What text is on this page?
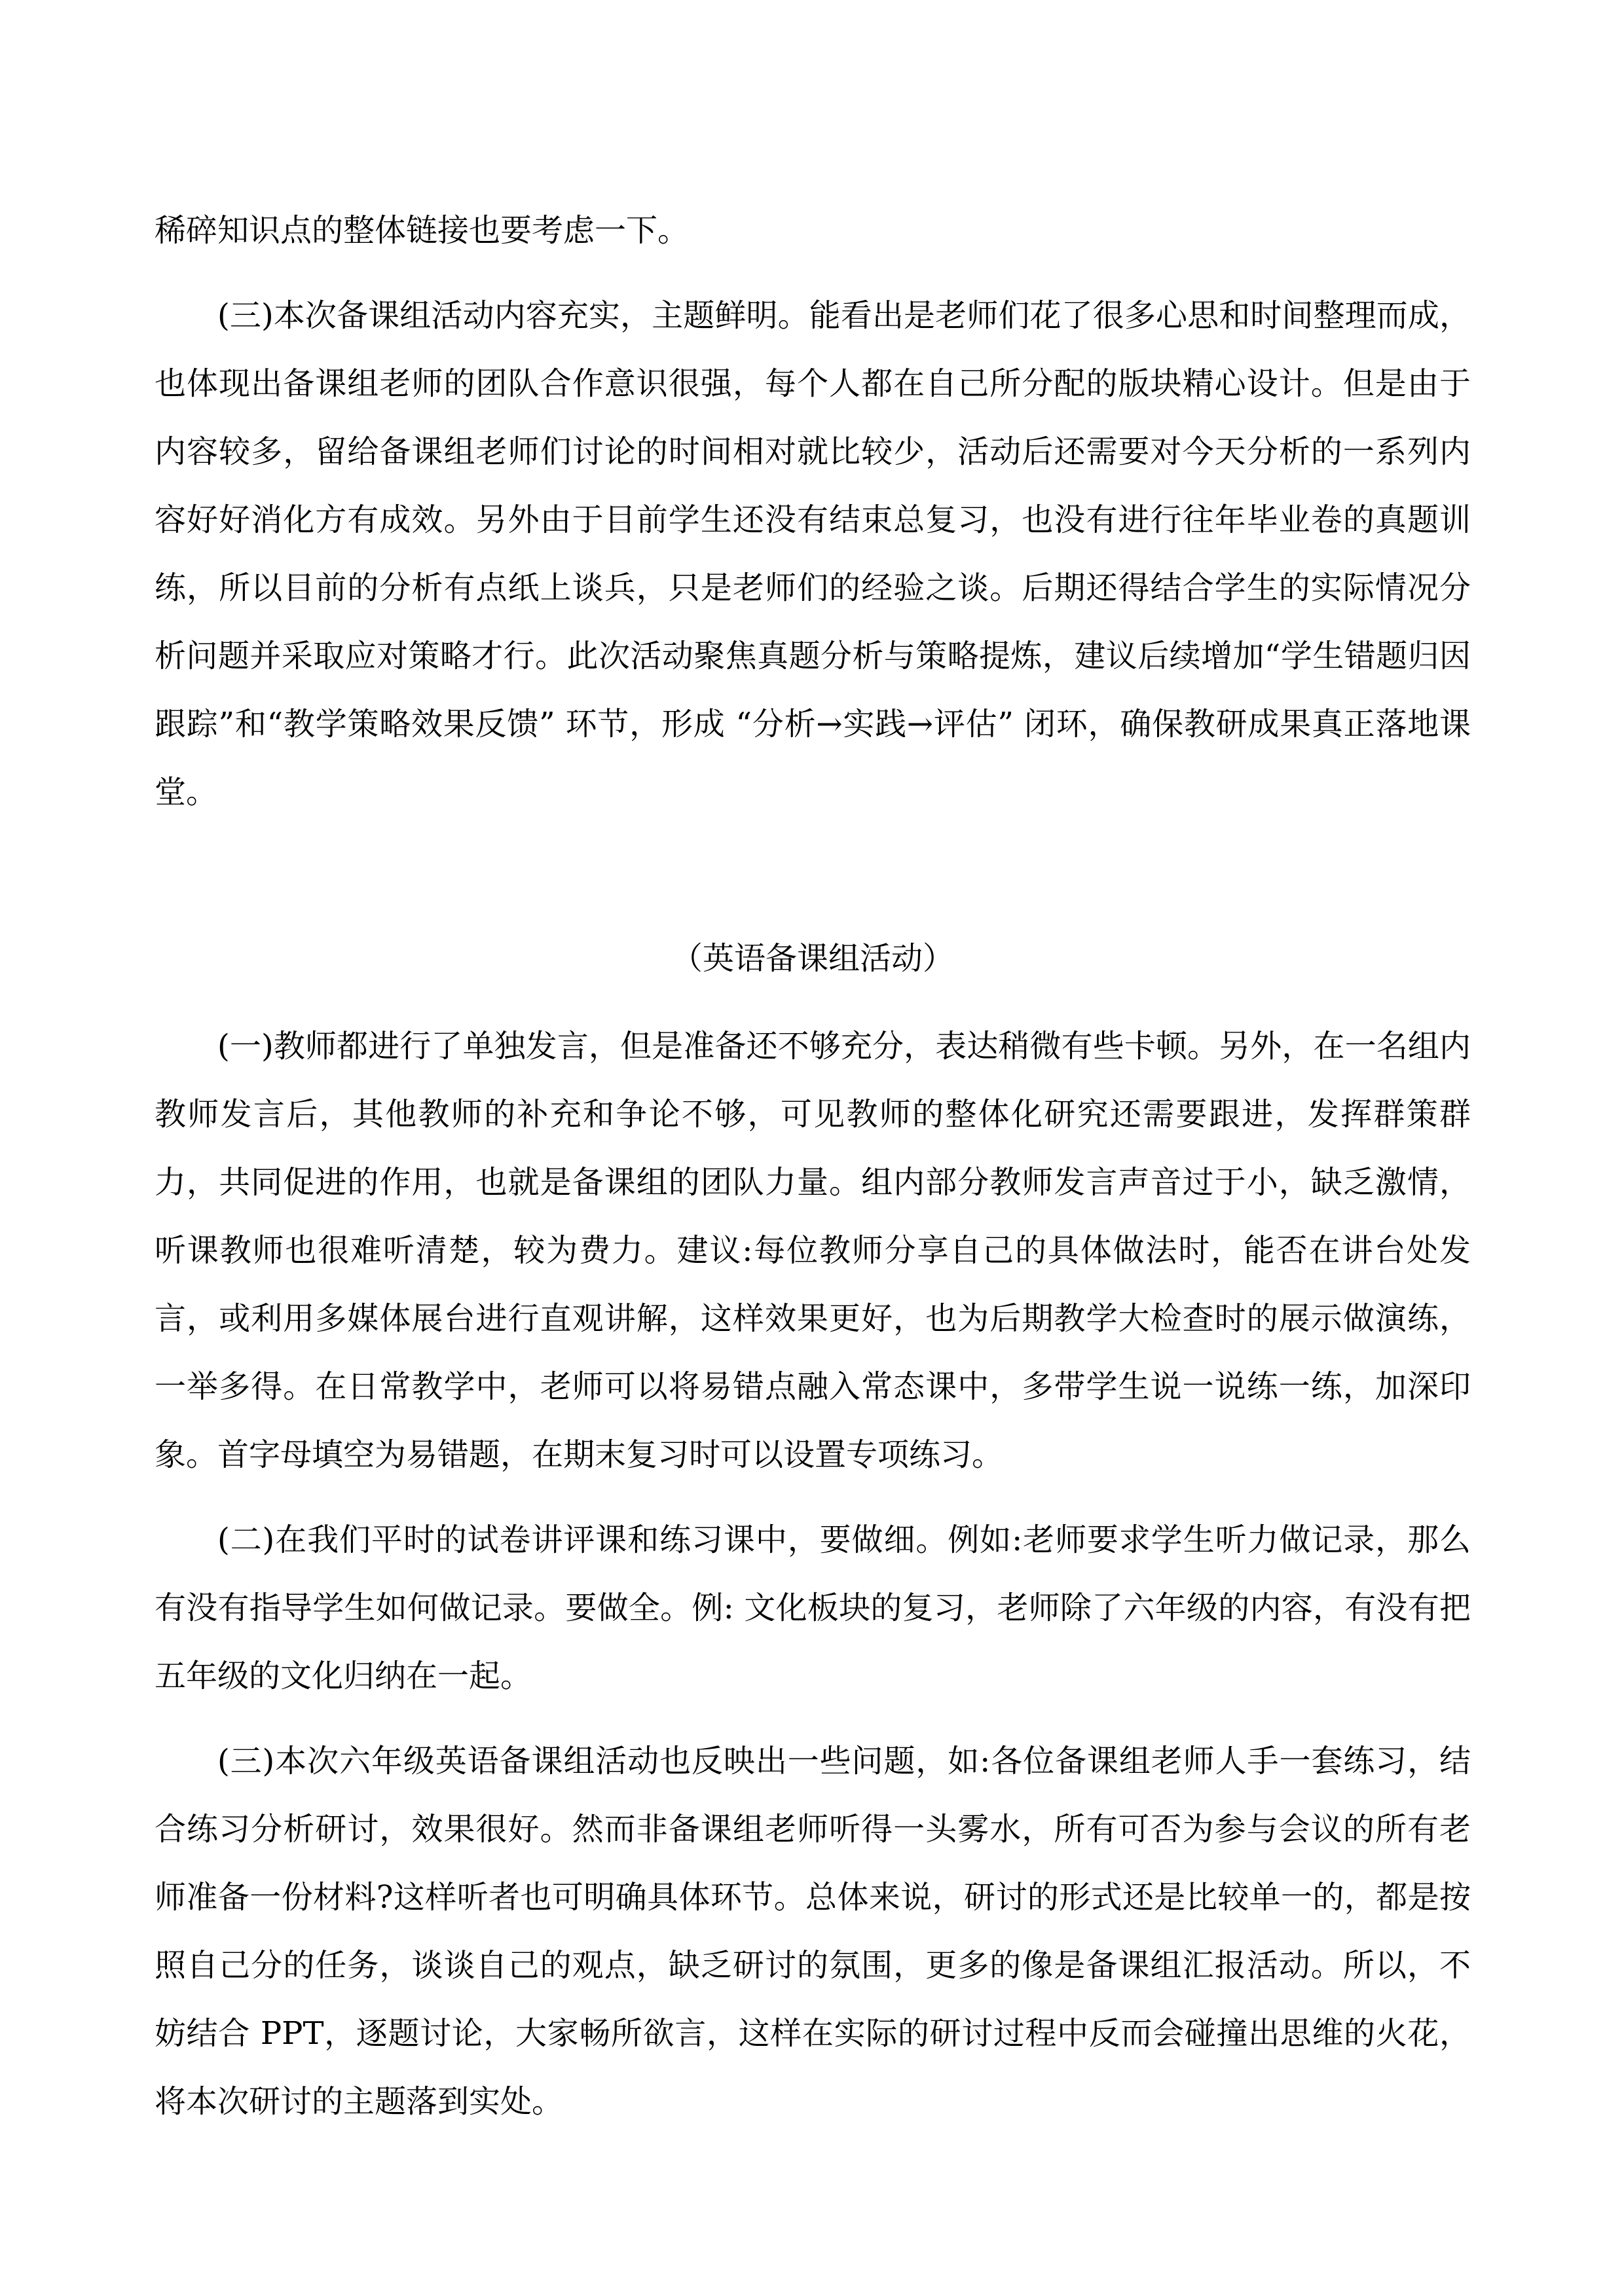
稀碎知识点的整体链接也要考虑一下。

(三)本次备课组活动内容充实，主题鲜明。能看出是老师们花了很多心思和时间整理而成，也体现出备课组老师的团队合作意识很强，每个人都在自己所分配的版块精心设计。但是由于内容较多，留给备课组老师们讨论的时间相对就比较少，活动后还需要对今天分析的一系列内容好好消化方有成效。另外由于目前学生还没有结束总复习，也没有进行往年毕业卷的真题训练，所以目前的分析有点纸上谈兵，只是老师们的经验之谈。后期还得结合学生的实际情况分析问题并采取应对策略才行。此次活动聚焦真题分析与策略提炼，建议后续增加“学生错题归因跟踪”和“教学策略效果反馈” 环节，形成 “分析→实践→评估” 闭环，确保教研成果真正落地课堂。

（英语备课组活动）

(一)教师都进行了单独发言，但是准备还不够充分，表达稍微有些卡顿。另外，在一名组内教师发言后，其他教师的补充和争论不够，可见教师的整体化研究还需要跟进，发挥群策群力，共同促进的作用，也就是备课组的团队力量。组内部分教师发言声音过于小，缺乏激情，听课教师也很难听清楚，较为费力。建议:每位教师分享自己的具体做法时，能否在讲台处发言，或利用多媒体展台进行直观讲解，这样效果更好，也为后期教学大检查时的展示做演练，一举多得。在日常教学中，老师可以将易错点融入常态课中，多带学生说一说练一练，加深印象。首字母填空为易错题，在期末复习时可以设置专项练习。

(二)在我们平时的试卷讲评课和练习课中，要做细。例如:老师要求学生听力做记录，那么有没有指导学生如何做记录。要做全。例: 文化板块的复习，老师除了六年级的内容，有没有把五年级的文化归纳在一起。

(三)本次六年级英语备课组活动也反映出一些问题，如:各位备课组老师人手一套练习，结合练习分析研讨，效果很好。然而非备课组老师听得一头雾水，所有可否为参与会议的所有老师准备一份材料?这样听者也可明确具体环节。总体来说，研讨的形式还是比较单一的，都是按照自己分的任务，谈谈自己的观点，缺乏研讨的氛围，更多的像是备课组汇报活动。所以，不妨结合 PPT，逐题讨论，大家畅所欲言，这样在实际的研讨过程中反而会碰撞出思维的火花，将本次研讨的主题落到实处。
